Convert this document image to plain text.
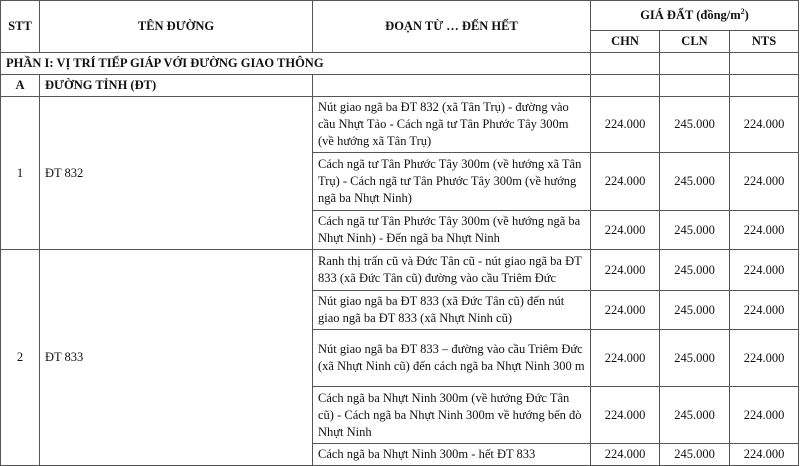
STT	TÊN ĐƯỜNG	ĐOẠN TỪ … ĐẾN HẾT	GIÁ ĐẤT $(đồng/m^2)$		
			CHN	CLN	NTS
PHẦN I: VỊ TRÍ TIẾP GIÁP VỚI ĐƯỜNG GIAO THÔNG					
A	ĐƯỜNG TỈNH (ĐT)				
1	ĐT 832	Nút giao ngã ba ĐT 832 (xã Tân Trụ) - đường vào cầu Nhựt Tảo - Cách ngã tư Tân Phước Tây 300m (về hướng xã Tân Trụ)	224.000	245.000	224.000
		Cách ngã tư Tân Phước Tây 300m (về hướng xã Tân Trụ) - Cách ngã tư Tân Phước Tây 300m (về hướng ngã ba Nhựt Ninh)	224.000	245.000	224.000
		Cách ngã tư Tân Phước Tây 300m (về hướng ngã ba Nhựt Ninh) - Đến ngã ba Nhựt Ninh	224.000	245.000	224.000
2	ĐT 833	Ranh thị trấn cũ và Đức Tân cũ - nút giao ngã ba ĐT 833 (xã Đức Tân cũ) đường vào cầu Triêm Đức	224.000	245.000	224.000
		Nút giao ngã ba ĐT 833 (xã Đức Tân cũ) đến nút giao ngã ba ĐT 833 (xã Nhựt Ninh cũ)	224.000	245.000	224.000
		Nút giao ngã ba ĐT 833 – đường vào cầu Triêm Đức (xã Nhựt Ninh cũ) đến cách ngã ba Nhựt Ninh 300 m	224.000	245.000	224.000
		Cách ngã ba Nhựt Ninh 300m (về hướng Đức Tân cũ) - Cách ngã ba Nhựt Ninh 300m về hướng bến đò Nhựt Ninh	224.000	245.000	224.000
		Cách ngã ba Nhựt Ninh 300m - hết ĐT 833	224.000	245.000	224.000
